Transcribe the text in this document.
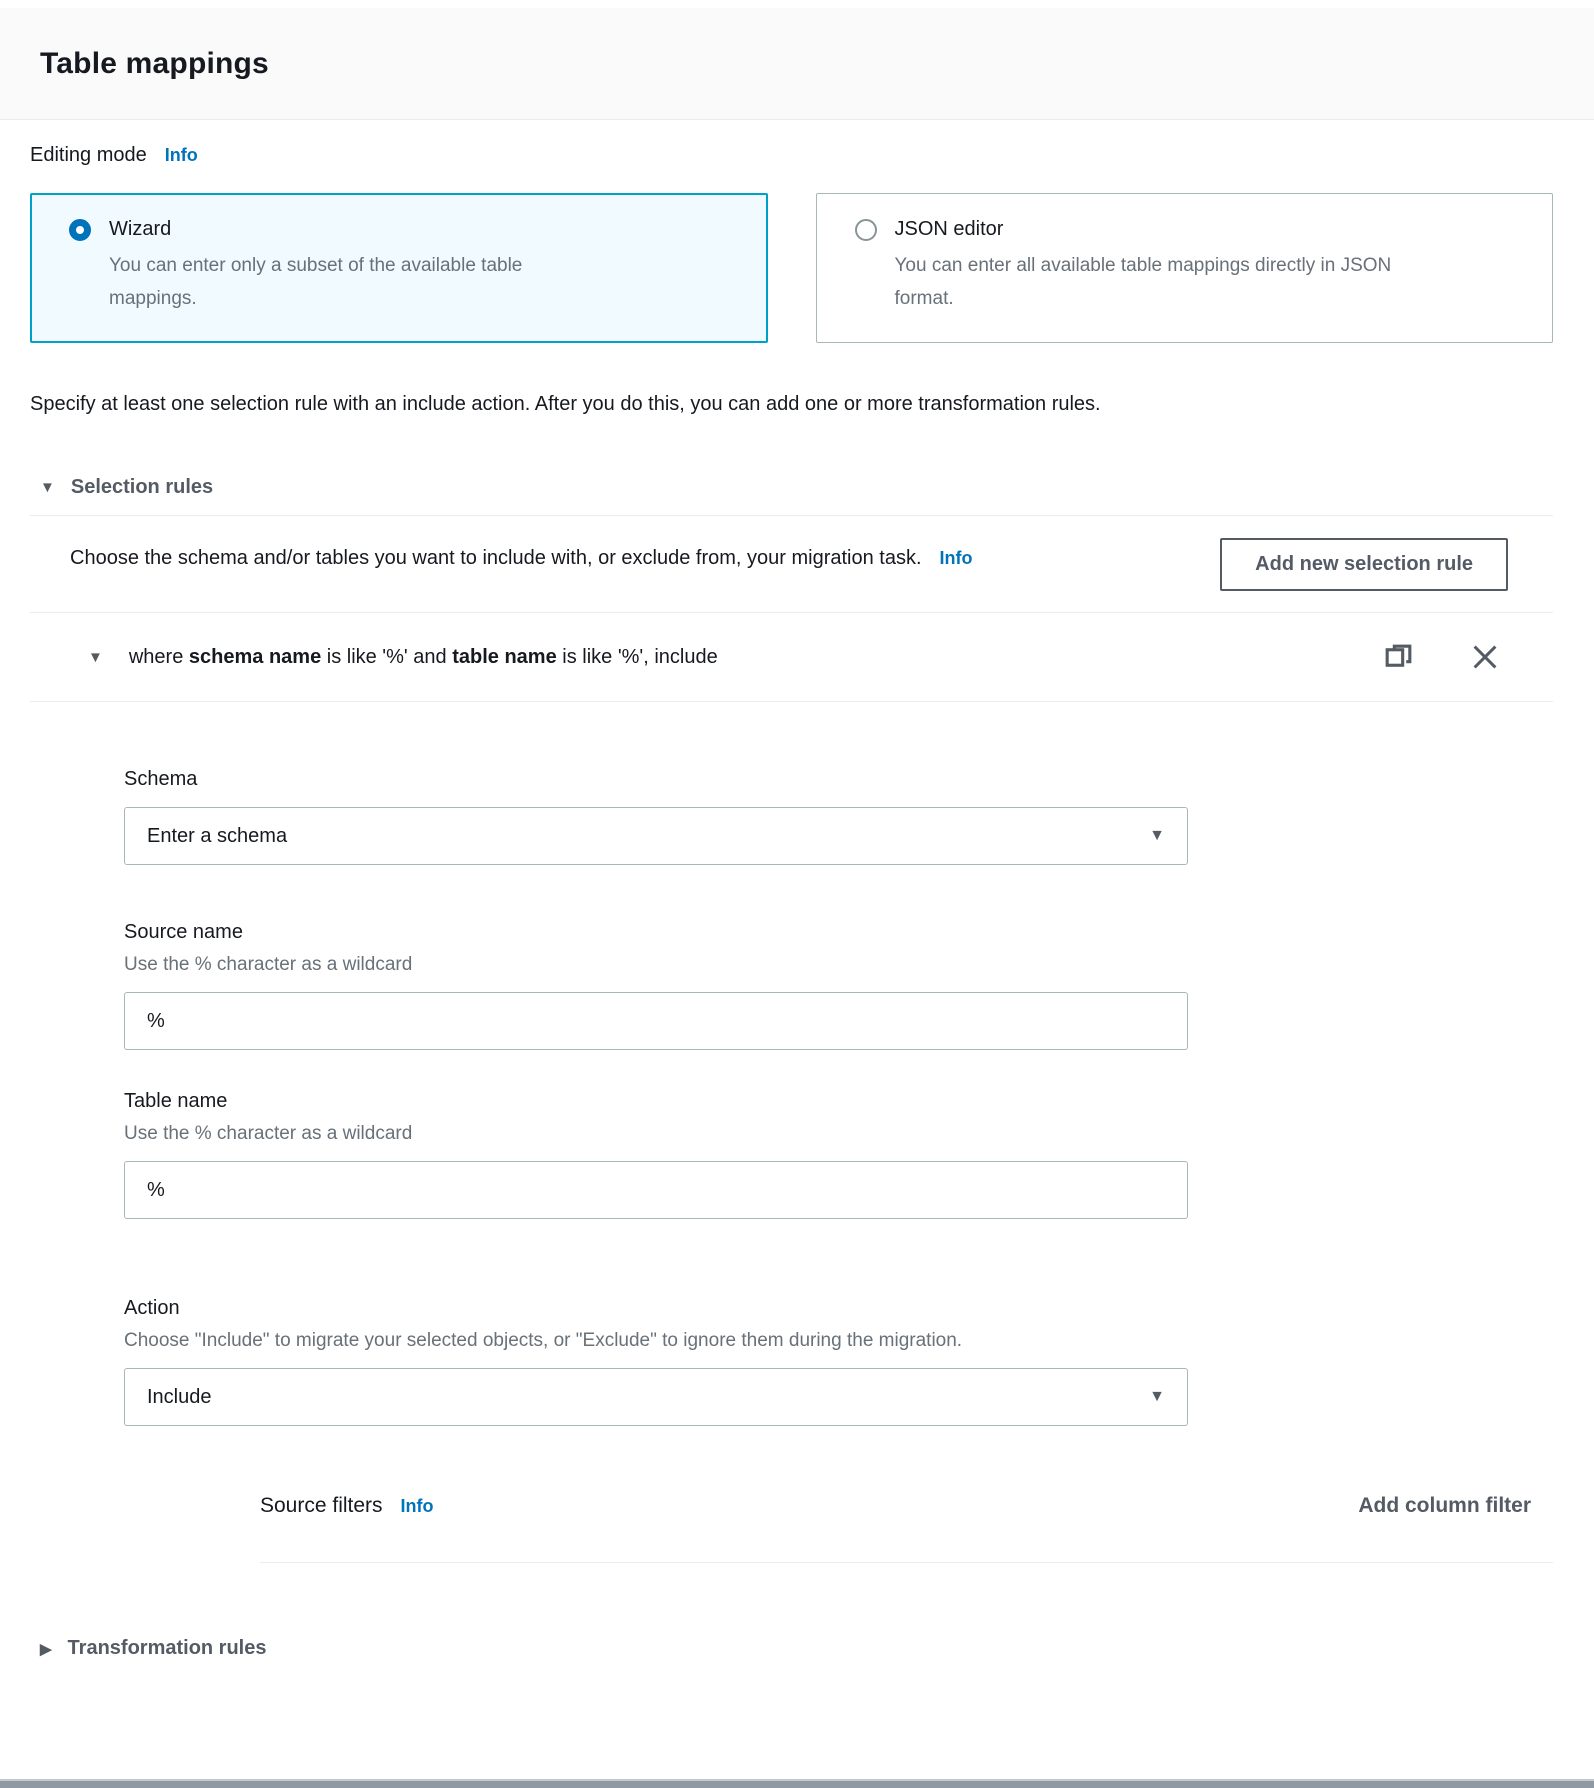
Table mappings
Editing mode Info
Wizard
You can enter only a subset of the available table mappings.
JSON editor
You can enter all available table mappings directly in JSON format.

Specify at least one selection rule with an include action. After you do this, you can add one or more transformation rules.

▼ Selection rules
Choose the schema and/or tables you want to include with, or exclude from, your migration task. Info	Add new selection rule
▼ where schema name is like '%' and table name is like '%', include
Schema
Enter a schema	▼
Source name
Use the % character as a wildcard
%
Table name
Use the % character as a wildcard
%
Action
Choose "Include" to migrate your selected objects, or "Exclude" to ignore them during the migration.
Include	▼
Source filters Info	Add column filter
▶ Transformation rules
